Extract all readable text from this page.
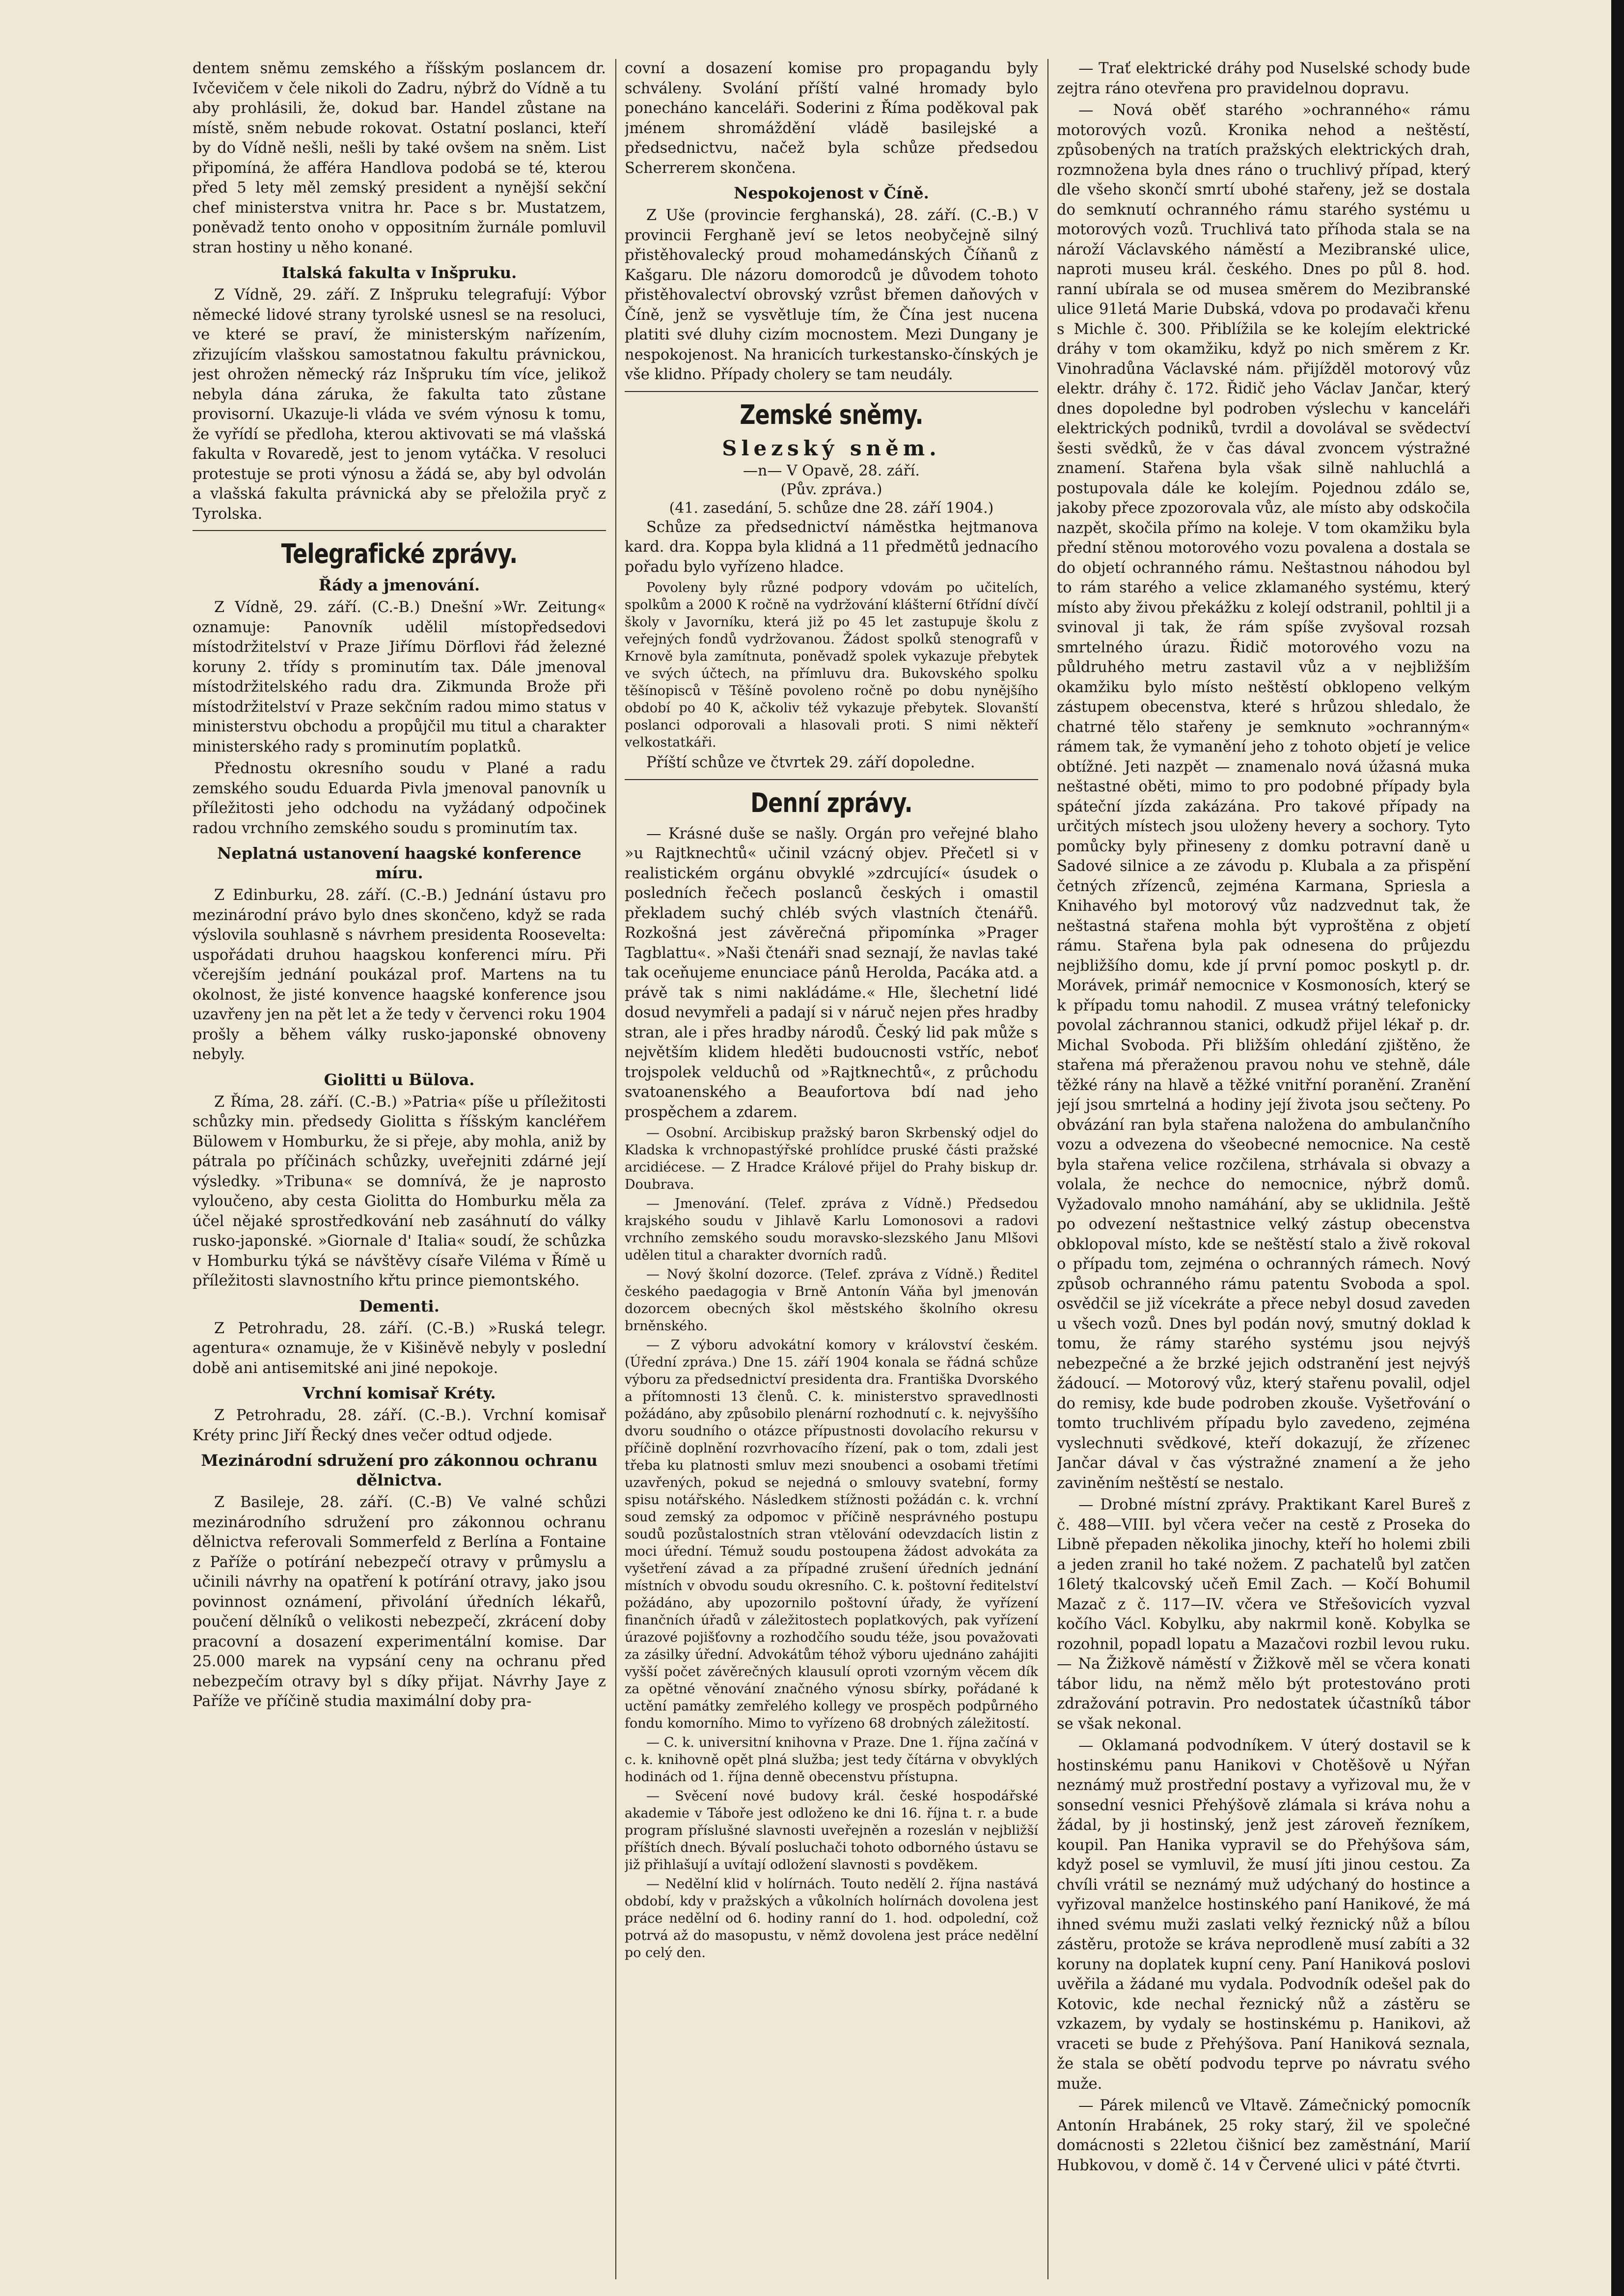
dentem sněmu zemského a říšským poslancem dr. Ivčevičem v čele nikoli do Zadru, nýbrž do Vídně a tu aby prohlásili, že, dokud bar. Handel zůstane na místě, sněm nebude rokovat. Ostatní poslanci, kteří by do Vídně nešli, nešli by také ovšem na sněm. List připomíná, že afféra Handlova podobá se té, kterou před 5 lety měl zemský president a nynější sekční chef ministerstva vnitra hr. Pace s br. Mustatzem, poněvadž tento onoho v oppositním žurnále pomluvil stran hostiny u něho konané.

Italská fakulta v Inšpruku.

Z Vídně, 29. září. Z Inšpruku telegrafují: Výbor německé lidové strany tyrolské usnesl se na resoluci, ve které se praví, že ministerským nařízením, zřizujícím vlašskou samostatnou fakultu právnickou, jest ohrožen německý ráz Inšpruku tím více, jelikož nebyla dána záruka, že fakulta tato zůstane provisorní. Ukazuje-li vláda ve svém výnosu k tomu, že vyřídí se předloha, kterou aktivovati se má vlašská fakulta v Rovaredě, jest to jenom vytáčka. V resoluci protestuje se proti výnosu a žádá se, aby byl odvolán a vlašská fakulta právnická aby se přeložila pryč z Tyrolska.

Telegrafické zprávy.
Řády a jmenování.

Z Vídně, 29. září. (C.-B.) Dnešní »Wr. Zeitung« oznamuje: Panovník udělil místopředsedovi místodržitelství v Praze Jiřímu Dörflovi řád železné koruny 2. třídy s prominutím tax. Dále jmenoval místodržitelského radu dra. Zikmunda Brože při místodržitelství v Praze sekčním radou mimo status v ministerstvu obchodu a propůjčil mu titul a charakter ministerského rady s prominutím poplatků.

Přednostu okresního soudu v Plané a radu zemského soudu Eduarda Pivla jmenoval panovník u příležitosti jeho odchodu na vyžádaný odpočinek radou vrchního zemského soudu s prominutím tax.

Neplatná ustanovení haagské konference míru.

Z Edinburku, 28. září. (C.-B.) Jednání ústavu pro mezinárodní právo bylo dnes skončeno, když se rada výslovila souhlasně s návrhem presidenta Roosevelta: uspořádati druhou haagskou konferenci míru. Při včerejším jednání poukázal prof. Martens na tu okolnost, že jisté konvence haagské konference jsou uzavřeny jen na pět let a že tedy v červenci roku 1904 prošly a během války rusko-japonské obnoveny nebyly.

Giolitti u Bülova.

Z Říma, 28. září. (C.-B.) »Patria« píše u příležitosti schůzky min. předsedy Giolitta s říšským kancléřem Bülowem v Homburku, že si přeje, aby mohla, aniž by pátrala po příčinách schůzky, uveřejniti zdárné její výsledky. »Tribuna« se domnívá, že je naprosto vyloučeno, aby cesta Giolitta do Homburku měla za účel nějaké sprostředkování neb zasáhnutí do války rusko-japonské. »Giornale d' Italia« soudí, že schůzka v Homburku týká se návštěvy císaře Viléma v Římě u příležitosti slavnostního křtu prince piemontského.

Dementi.

Z Petrohradu, 28. září. (C.-B.) »Ruská telegr. agentura« oznamuje, že v Kišiněvě nebyly v poslední době ani antisemitské ani jiné nepokoje.

Vrchní komisař Kréty.

Z Petrohradu, 28. září. (C.-B.). Vrchní komisař Kréty princ Jiří Řecký dnes večer odtud odjede.

Mezinárodní sdružení pro zákonnou ochranu dělnictva.

Z Basileje, 28. září. (C.-B) Ve valné schůzi mezinárodního sdružení pro zákonnou ochranu dělnictva referovali Sommerfeld z Berlína a Fontaine z Paříže o potírání nebezpečí otravy v průmyslu a učinili návrhy na opatření k potírání otravy, jako jsou povinnost oznámení, přivolání úředních lékařů, poučení dělníků o velikosti nebezpečí, zkrácení doby pracovní a dosazení experimentální komise. Dar 25.000 marek na vypsání ceny na ochranu před nebezpečím otravy byl s díky přijat. Návrhy Jaye z Paříže ve příčině studia maximální doby pra-

covní a dosazení komise pro propagandu byly schváleny. Svolání příští valné hromady bylo ponecháno kanceláři. Soderini z Říma poděkoval pak jménem shromáždění vládě basilejské a předsednictvu, načež byla schůze předsedou Scherrerem skončena.

Nespokojenost v Číně.

Z Uše (provincie ferghanská), 28. září. (C.-B.) V provincii Ferghaně jeví se letos neobyčejně silný přistěhovalecký proud mohamedánských Číňanů z Kašgaru. Dle názoru domorodců je důvodem tohoto přistěhovalectví obrovský vzrůst břemen daňových v Číně, jenž se vysvětluje tím, že Čína jest nucena platiti své dluhy cizím mocnostem. Mezi Dungany je nespokojenost. Na hranicích turkestansko-čínských je vše klidno. Případy cholery se tam neudály.

Zemské sněmy.
Slezský sněm.
—n— V Opavě, 28. září.
(Pův. zpráva.)
(41. zasedání, 5. schůze dne 28. září 1904.)

Schůze za předsednictví náměstka hejtmanova kard. dra. Koppa byla klidná a 11 předmětů jednacího pořadu bylo vyřízeno hladce.

Povoleny byly různé podpory vdovám po učitelích, spolkům a 2000 K ročně na vydržování klášterní 6třídní dívčí školy v Javorníku, která již po 45 let zastupuje školu z veřejných fondů vydržovanou. Žádost spolků stenografů v Krnově byla zamítnuta, poněvadž spolek vykazuje přebytek ve svých účtech, na přímluvu dra. Bukovského spolku těšínopisců v Těšíně povoleno ročně po dobu nynějšího období po 40 K, ačkoliv též vykazuje přebytek. Slovanští poslanci odporovali a hlasovali proti. S nimi někteří velkostatkáři.

Příští schůze ve čtvrtek 29. září dopoledne.

Denní zprávy.

— Krásné duše se našly. Orgán pro veřejné blaho »u Rajtknechtů« učinil vzácný objev. Přečetl si v realistickém orgánu obvyklé »zdrcující« úsudek o posledních řečech poslanců českých i omastil překladem suchý chléb svých vlastních čtenářů. Rozkošná jest závěrečná připomínka »Prager Tagblattu«. »Naši čtenáři snad seznají, že navlas také tak oceňujeme enunciace pánů Herolda, Pacáka atd. a právě tak s nimi nakládáme.« Hle, šlechetní lidé dosud nevymřeli a padají si v náruč nejen přes hradby stran, ale i přes hradby národů. Český lid pak může s největším klidem hleděti budoucnosti vstříc, neboť trojspolek velduchů od »Rajtknechtů«, z průchodu svatoanenského a Beaufortova bdí nad jeho prospěchem a zdarem.

— Osobní. Arcibiskup pražský baron Skrbenský odjel do Kladska k vrchnopastýřské prohlídce pruské části pražské arcidiécese. — Z Hradce Králové přijel do Prahy biskup dr. Doubrava.

— Jmenování. (Telef. zpráva z Vídně.) Předsedou krajského soudu v Jihlavě Karlu Lomonosovi a radovi vrchního zemského soudu moravsko-slezského Janu Mlšovi udělen titul a charakter dvorních radů.

— Nový školní dozorce. (Telef. zpráva z Vídně.) Ředitel českého paedagogia v Brně Antonín Váňa byl jmenován dozorcem obecných škol městského školního okresu brněnského.

— Z výboru advokátní komory v království českém. (Úřední zpráva.) Dne 15. září 1904 konala se řádná schůze výboru za předsednictví presidenta dra. Františka Dvorského a přítomnosti 13 členů. C. k. ministerstvo spravedlnosti požádáno, aby způsobilo plenární rozhodnutí c. k. nejvyššího dvoru soudního o otázce přípustnosti dovolacího rekursu v příčině doplnění rozvrhovacího řízení, pak o tom, zdali jest třeba ku platnosti smluv mezi snoubenci a osobami třetími uzavřených, pokud se nejedná o smlouvy svatební, formy spisu notářského. Následkem stížnosti požádán c. k. vrchní soud zemský za odpomoc v příčině nesprávného postupu soudů pozůstalostních stran vtělování odevzdacích listin z moci úřední. Témuž soudu postoupena žádost advokáta za vyšetření závad a za případné zrušení úředních jednání místních v obvodu soudu okresního. C. k. poštovní ředitelství požádáno, aby upozornilo poštovní úřady, že vyřízení finančních úřadů v záležitostech poplatkových, pak vyřízení úrazové pojišťovny a rozhodčího soudu téže, jsou považovati za zásilky úřední. Advokátům téhož výboru ujednáno zahájiti vyšší počet závěrečných klausulí oproti vzorným věcem dík za opětné věnování značného výnosu sbírky, pořádané k uctění památky zemřelého kollegy ve prospěch podpůrného fondu komorního. Mimo to vyřízeno 68 drobných záležitostí.

— C. k. universitní knihovna v Praze. Dne 1. října začíná v c. k. knihovně opět plná služba; jest tedy čítárna v obvyklých hodinách od 1. října denně obecenstvu přístupna.

— Svěcení nové budovy král. české hospodářské akademie v Táboře jest odloženo ke dni 16. října t. r. a bude program příslušné slavnosti uveřejněn a rozeslán v nejbližší příštích dnech. Bývalí posluchači tohoto odborného ústavu se již přihlašují a uvítají odložení slavnosti s povděkem.

— Nedělní klid v holírnách. Touto nedělí 2. října nastává období, kdy v pražských a vůkolních holírnách dovolena jest práce nedělní od 6. hodiny ranní do 1. hod. odpolední, což potrvá až do masopustu, v němž dovolena jest práce nedělní po celý den.

— Trať elektrické dráhy pod Nuselské schody bude zejtra ráno otevřena pro pravidelnou dopravu.

— Nová oběť starého »ochranného« rámu motorových vozů. Kronika nehod a neštěstí, způsobených na tratích pražských elektrických drah, rozmnožena byla dnes ráno o truchlivý případ, který dle všeho skončí smrtí ubohé stařeny, jež se dostala do semknutí ochranného rámu starého systému u motorových vozů. Truchlivá tato příhoda stala se na nároží Václavského náměstí a Mezibranské ulice, naproti museu král. českého. Dnes po půl 8. hod. ranní ubírala se od musea směrem do Mezibranské ulice 91letá Marie Dubská, vdova po prodavači křenu s Michle č. 300. Přiblížila se ke kolejím elektrické dráhy v tom okamžiku, když po nich směrem z Kr. Vinohradůna Václavské nám. přijížděl motorový vůz elektr. dráhy č. 172. Řidič jeho Václav Jančar, který dnes dopoledne byl podroben výslechu v kanceláři elektrických podniků, tvrdil a dovolával se svědectví šesti svědků, že v čas dával zvoncem výstražné znamení. Stařena byla však silně nahluchlá a postupovala dále ke kolejím. Pojednou zdálo se, jakoby přece zpozorovala vůz, ale místo aby odskočila nazpět, skočila přímo na koleje. V tom okamžiku byla přední stěnou motorového vozu povalena a dostala se do objetí ochranného rámu. Neštastnou náhodou byl to rám starého a velice zklamaného systému, který místo aby živou překážku z kolejí odstranil, pohltil ji a svinoval ji tak, že rám spíše zvyšoval rozsah smrtelného úrazu. Řidič motorového vozu na půldruhého metru zastavil vůz a v nejbližším okamžiku bylo místo neštěstí obklopeno velkým zástupem obecenstva, které s hrůzou shledalo, že chatrné tělo stařeny je semknuto »ochranným« rámem tak, že vymanění jeho z tohoto objetí je velice obtížné. Jeti nazpět — znamenalo nová úžasná muka neštastné oběti, mimo to pro podobné případy byla spáteční jízda zakázána. Pro takové případy na určitých místech jsou uloženy hevery a sochory. Tyto pomůcky byly přineseny z domku potravní daně u Sadové silnice a ze závodu p. Klubala a za přispění četných zřízenců, zejména Karmana, Spriesla a Knihavého byl motorový vůz nadzvednut tak, že neštastná stařena mohla být vyproštěna z objetí rámu. Stařena byla pak odnesena do průjezdu nejbližšího domu, kde jí první pomoc poskytl p. dr. Morávek, primář nemocnice v Kosmonosích, který se k případu tomu nahodil. Z musea vrátný telefonicky povolal záchrannou stanici, odkudž přijel lékař p. dr. Michal Svoboda. Při bližším ohledání zjištěno, že stařena má přeraženou pravou nohu ve stehně, dále těžké rány na hlavě a těžké vnitřní poranění. Zranění její jsou smrtelná a hodiny její života jsou sečteny. Po obvázání ran byla stařena naložena do ambulančního vozu a odvezena do všeobecné nemocnice. Na cestě byla stařena velice rozčilena, strhávala si obvazy a volala, že nechce do nemocnice, nýbrž domů. Vyžadovalo mnoho namáhání, aby se uklidnila. Ještě po odvezení neštastnice velký zástup obecenstva obklopoval místo, kde se neštěstí stalo a živě rokoval o případu tom, zejména o ochranných rámech. Nový způsob ochranného rámu patentu Svoboda a spol. osvědčil se již vícekráte a přece nebyl dosud zaveden u všech vozů. Dnes byl podán nový, smutný doklad k tomu, že rámy starého systému jsou nejvýš nebezpečné a že brzké jejich odstranění jest nejvýš žádoucí. — Motorový vůz, který stařenu povalil, odjel do remisy, kde bude podroben zkouše. Vyšetřování o tomto truchlivém případu bylo zavedeno, zejména vyslechnuti svědkové, kteří dokazují, že zřízenec Jančar dával v čas výstražné znamení a že jeho zaviněním neštěstí se nestalo.

— Drobné místní zprávy. Praktikant Karel Bureš z č. 488—VIII. byl včera večer na cestě z Proseka do Libně přepaden několika jinochy, kteří ho holemi zbili a jeden zranil ho také nožem. Z pachatelů byl zatčen 16letý tkalcovský učeň Emil Zach. — Kočí Bohumil Mazač z č. 117—IV. včera ve Střešovicích vyzval kočího Václ. Kobylku, aby nakrmil koně. Kobylka se rozohnil, popadl lopatu a Mazačovi rozbil levou ruku. — Na Žižkově náměstí v Žižkově měl se včera konati tábor lidu, na němž mělo být protestováno proti zdražování potravin. Pro nedostatek účastníků tábor se však nekonal.

— Oklamaná podvodníkem. V úterý dostavil se k hostinskému panu Hanikovi v Chotěšově u Nýřan neznámý muž prostřední postavy a vyřizoval mu, že v sonsední vesnici Přehýšově zlámala si kráva nohu a žádal, by ji hostinský, jenž jest zároveň řezníkem, koupil. Pan Hanika vypravil se do Přehýšova sám, když posel se vymluvil, že musí jíti jinou cestou. Za chvíli vrátil se neznámý muž udýchaný do hostince a vyřizoval manželce hostinského paní Hanikové, že má ihned svému muži zaslati velký řeznický nůž a bílou zástěru, protože se kráva neprodleně musí zabíti a 32 koruny na doplatek kupní ceny. Paní Haniková poslovi uvěřila a žádané mu vydala. Podvodník odešel pak do Kotovic, kde nechal řeznický nůž a zástěru se vzkazem, by vydaly se hostinskému p. Hanikovi, až vraceti se bude z Přehýšova. Paní Haniková seznala, že stala se obětí podvodu teprve po návratu svého muže.

— Párek milenců ve Vltavě. Zámečnický pomocník Antonín Hrabánek, 25 roky starý, žil ve společné domácnosti s 22letou čišnicí bez zaměstnání, Marií Hubkovou, v domě č. 14 v Červené ulici v páté čtvrti.
